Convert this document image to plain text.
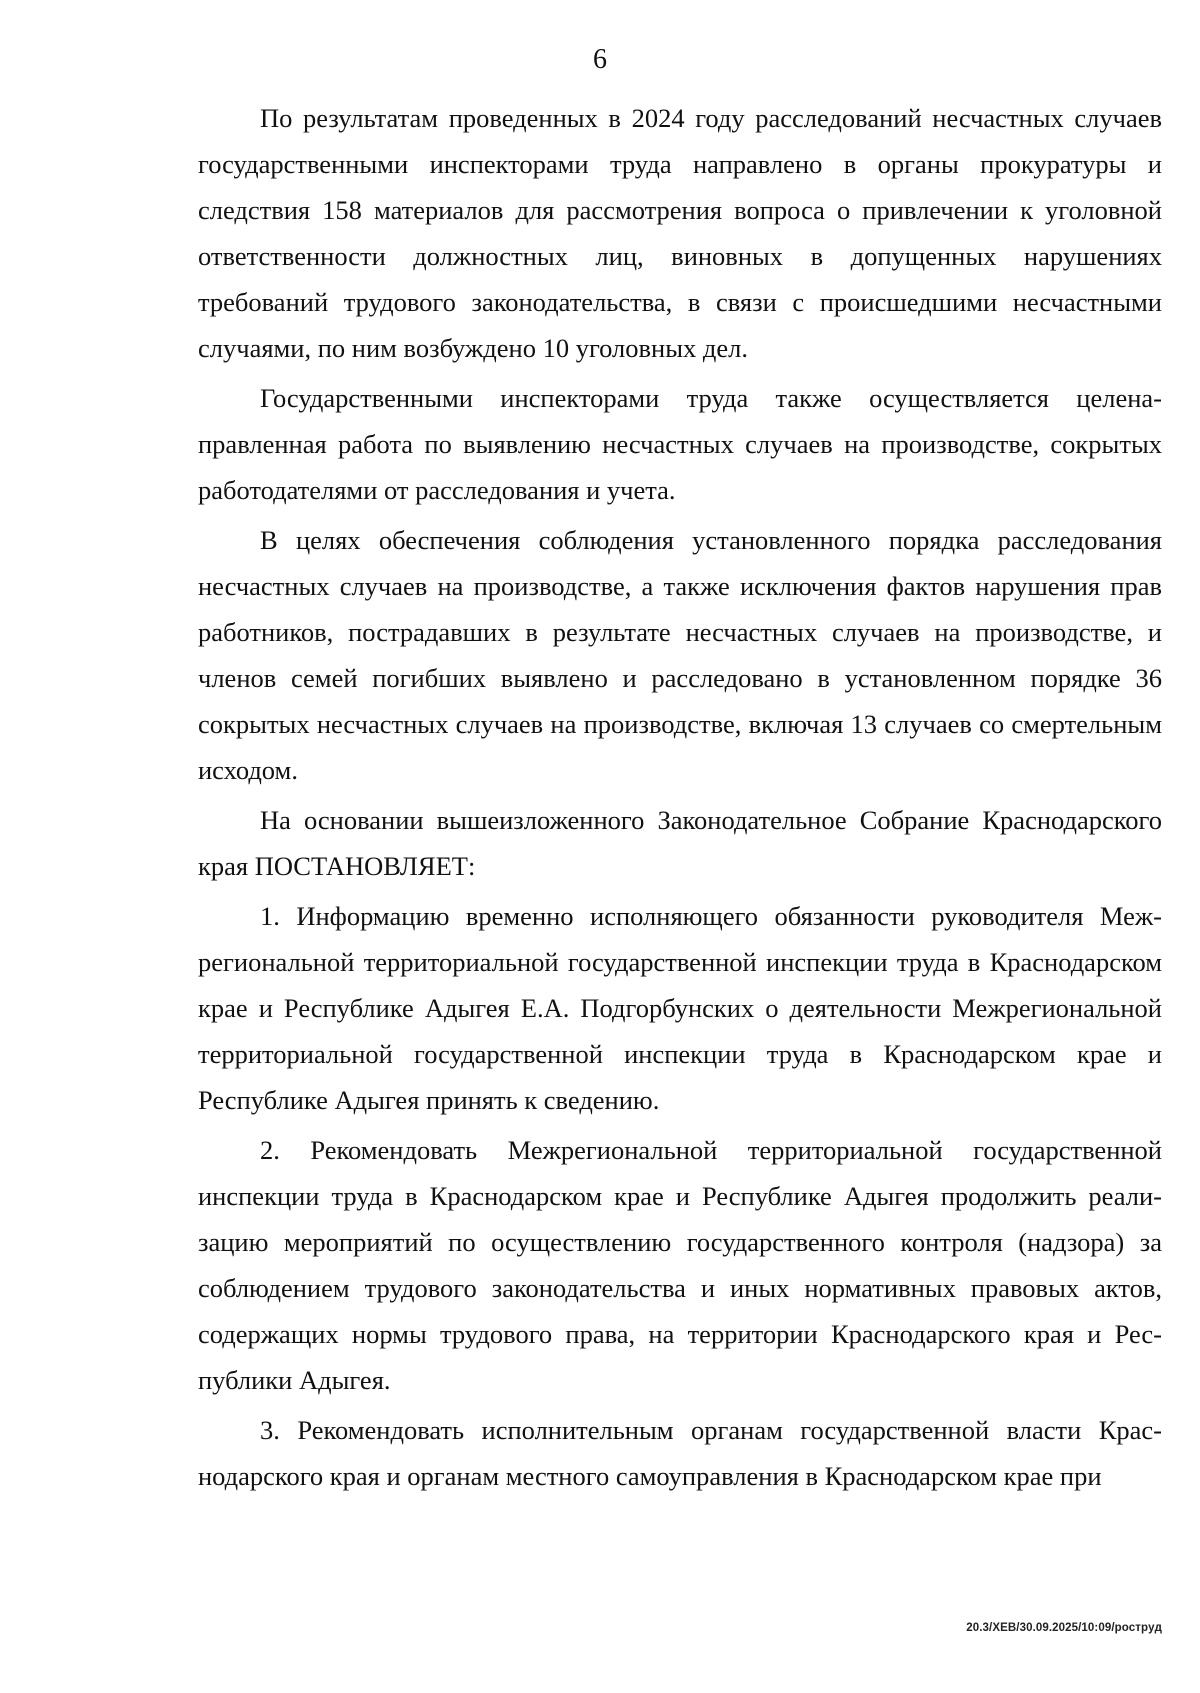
6

По результатам проведенных в 2024 году расследований несчастных случаев государственными инспекторами труда направлено в органы прокуратуры и следствия 158 материалов для рассмотрения вопроса о привлечении к уголовной ответственности должностных лиц, виновных в допущенных нарушениях требований трудового законодательства, в связи с происшедшими несчастными случаями, по ним возбуждено 10 уголовных дел.

Государственными инспекторами труда также осуществляется целенаправленная работа по выявлению несчастных случаев на производстве, сокрытых работодателями от расследования и учета.

В целях обеспечения соблюдения установленного порядка расследования несчастных случаев на производстве, а также исключения фактов нарушения прав работников, пострадавших в результате несчастных случаев на производстве, и членов семей погибших выявлено и расследовано в установленном порядке 36 сокрытых несчастных случаев на производстве, включая 13 случаев со смертельным исходом.

На основании вышеизложенного Законодательное Собрание Краснодарского края ПОСТАНОВЛЯЕТ:

1. Информацию временно исполняющего обязанности руководителя Межрегиональной территориальной государственной инспекции труда в Краснодарском крае и Республике Адыгея Е.А. Подгорбунских о деятельности Межрегиональной территориальной государственной инспекции труда в Краснодарском крае и Республике Адыгея принять к сведению.

2. Рекомендовать Межрегиональной территориальной государственной инспекции труда в Краснодарском крае и Республике Адыгея продолжить реализацию мероприятий по осуществлению государственного контроля (надзора) за соблюдением трудового законодательства и иных нормативных правовых актов, содержащих нормы трудового права, на территории Краснодарского края и Республики Адыгея.

3. Рекомендовать исполнительным органам государственной власти Краснодарского края и органам местного самоуправления в Краснодарском крае при

20.3/ХЕВ/30.09.2025/10:09/рострyд
